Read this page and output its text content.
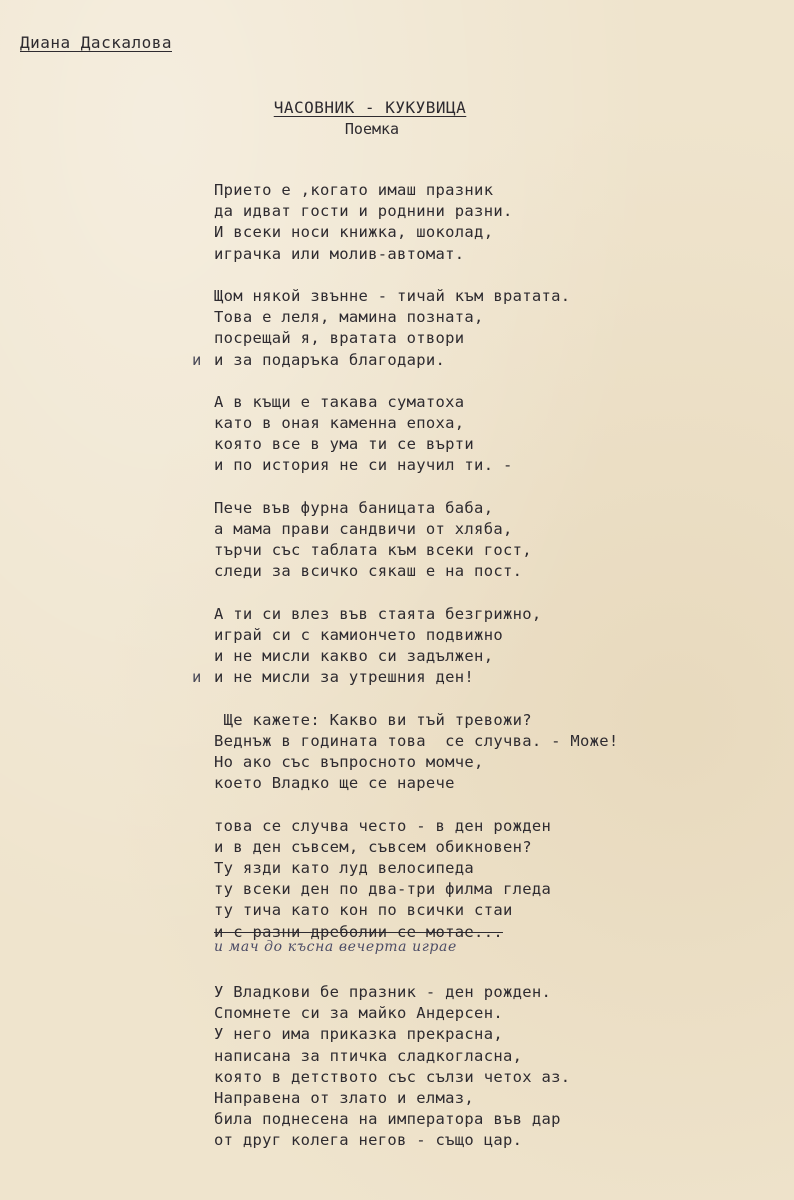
Диана Даскалова
ЧАСОВНИК - КУКУВИЦА
Поемка
Прието е ,когато имаш празник
да идват гости и роднини разни.
И всеки носи книжка, шоколад,
играчка или молив-автомат.
Щом някой звънне - тичай към вратата.
Това е леля, мамина позната,
посрещай я, вратата отвори
и и за подаръка благодари.
А в къщи е такава суматоха
като в оная каменна епоха,
която все в ума ти се върти
и по история не си научил ти. -
Пече във фурна баницата баба,
а мама прави сандвичи от хляба,
търчи със таблата към всеки гост,
следи за всичко сякаш е на пост.
А ти си влез във стаята безгрижно,
играй си с камиончето подвижно
и не мисли какво си задължен,
и и не мисли за утрешния ден!
Ще кажете: Какво ви тъй тревожи?
Веднъж в годината това  се случва. - Може!
Но ако със въпросното момче,
което Владко ще се нарече
това се случва често - в ден рожден
и в ден съвсем, съвсем обикновен?
Ту язди като луд велосипеда
ту всеки ден по два-три филма гледа
ту тича като кон по всички стаи
и с разни дреболии се мотае...
и мач до късна вечерта играе
У Владкови бе празник - ден рожден.
Спомнете си за майко Андерсен.
У него има приказка прекрасна,
написана за птичка сладкогласна,
която в детството със сълзи четох аз.
Направена от злато и елмаз,
била поднесена на императора във дар
от друг колега негов - също цар.
